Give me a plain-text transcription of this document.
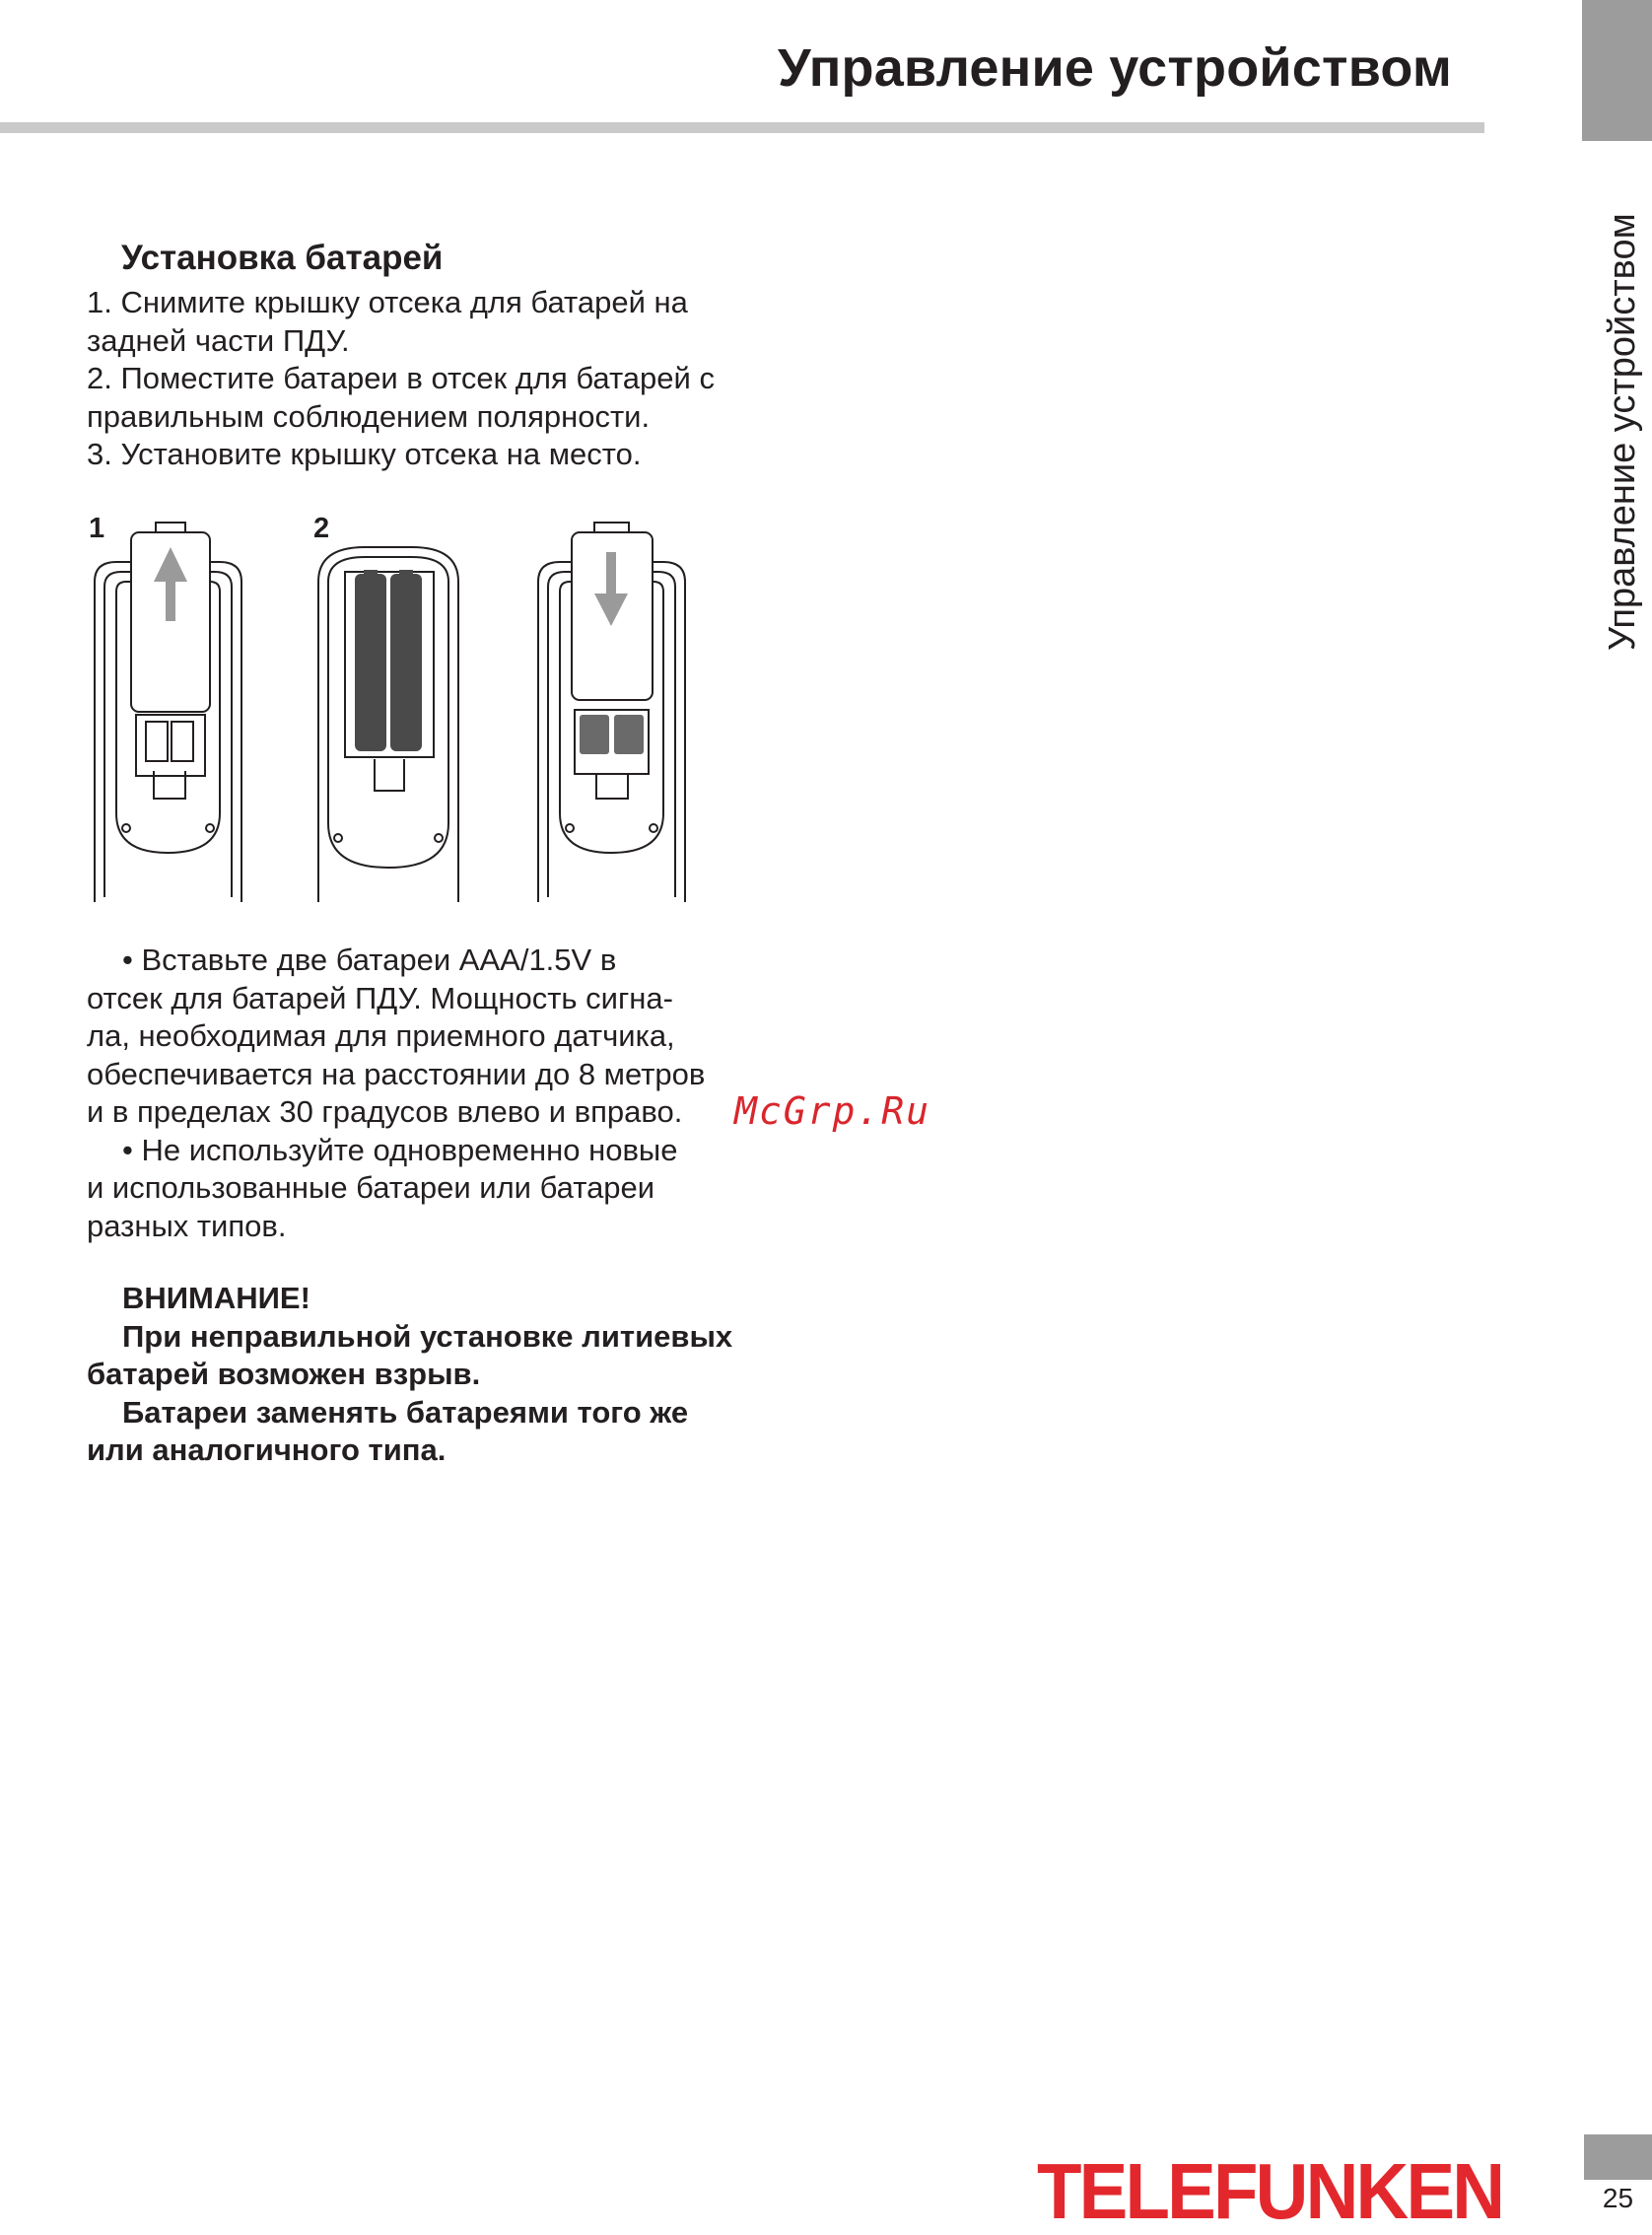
Управление устройством
Управление устройством

Установка батарей

1. Снимите крышку отсека для батарей на

задней части ПДУ.

2. Поместите батареи в отсек для батарей с

правильным соблюдением полярности.

3. Установите крышку отсека на место.

1	2

• Вставьте две батареи AAA/1.5V в

отсек для батарей ПДУ. Мощность сигна-

ла, необходимая для приемного датчика,

обеспечивается на расстоянии до 8 метров

и в пределах 30 градусов влево и вправо.

• Не используйте одновременно новые

и использованные батареи или батареи

разных типов.

McGrp.Ru

ВНИМАНИЕ!

При неправильной установке литиевых

батарей возможен взрыв.

Батареи заменять батареями того же

или аналогичного типа.

TELEFUNKEN	25
